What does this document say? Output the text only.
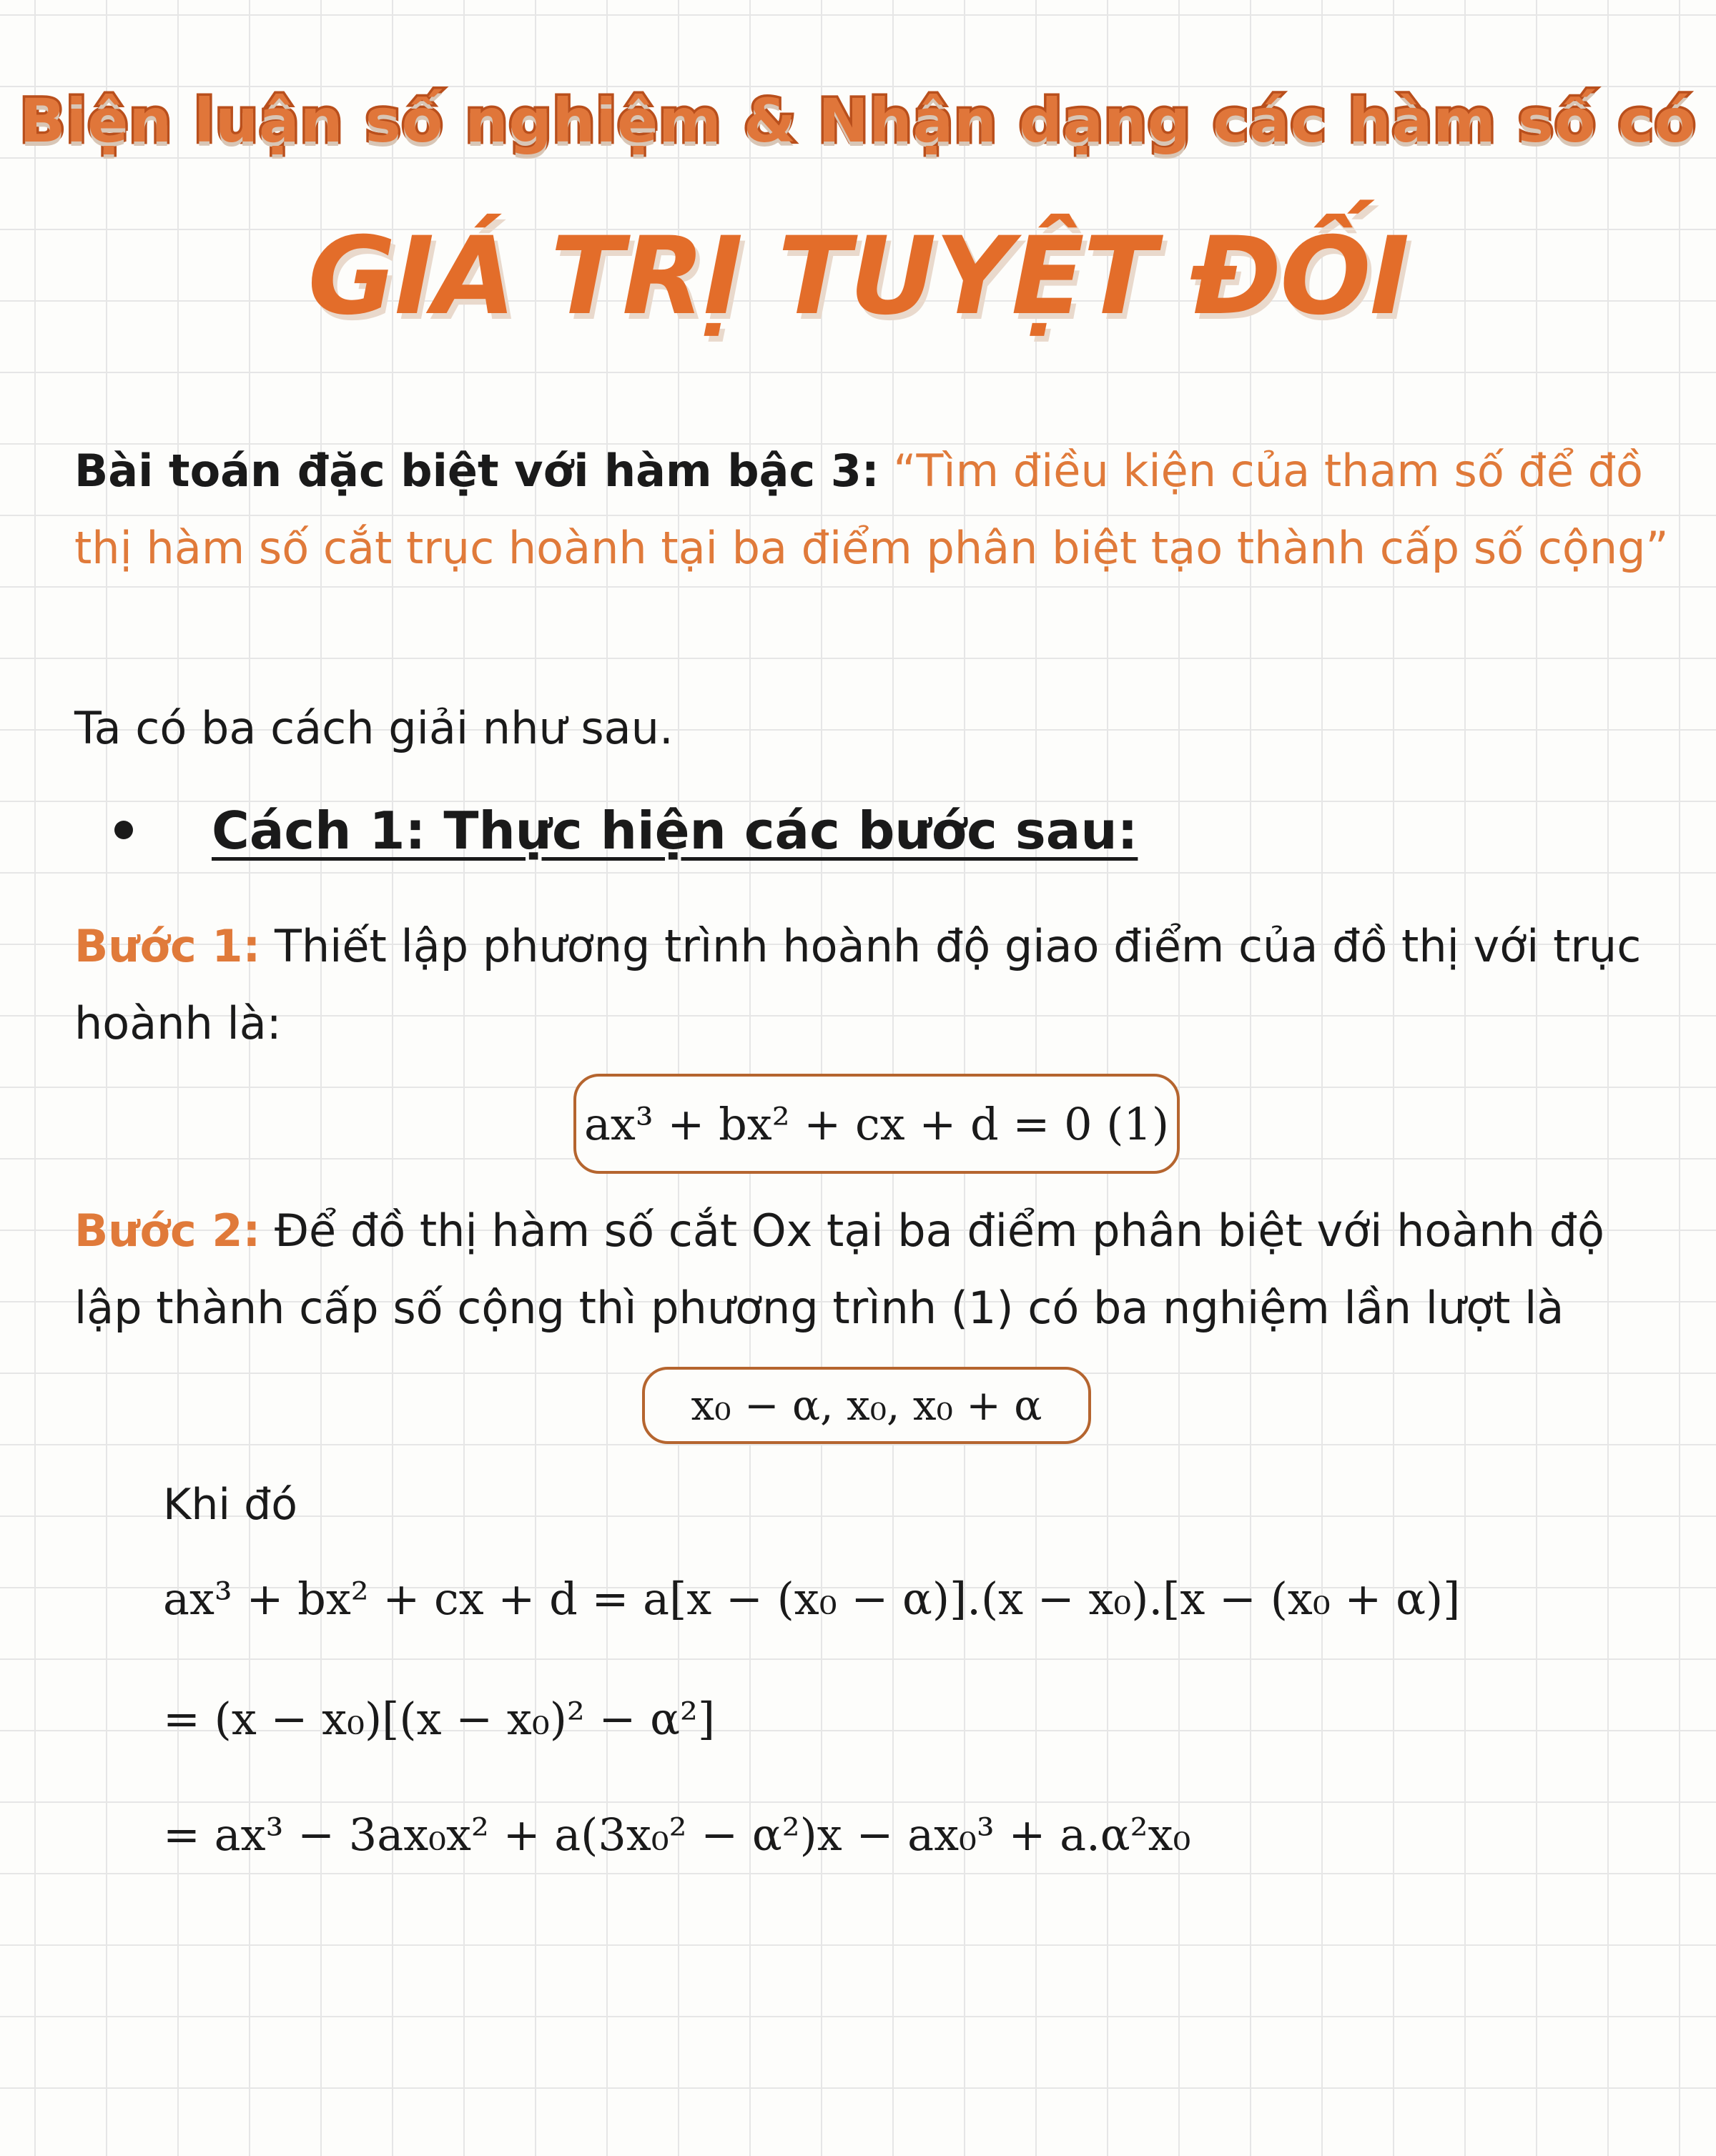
Biện luận số nghiệm & Nhận dạng các hàm số có
GIÁ TRỊ TUYỆT ĐỐI
Bài toán đặc biệt với hàm bậc 3: “Tìm điều kiện của tham số để đồ thị hàm số cắt trục hoành tại ba điểm phân biệt tạo thành cấp số cộng”
Ta có ba cách giải như sau.
Cách 1: Thực hiện các bước sau:
Bước 1: Thiết lập phương trình hoành độ giao điểm của đồ thị với trục hoành là:
ax³ + bx² + cx + d = 0 (1)
Bước 2: Để đồ thị hàm số cắt Ox tại ba điểm phân biệt với hoành độ lập thành cấp số cộng thì phương trình (1) có ba nghiệm lần lượt là
x₀ − α, x₀, x₀ + α
Khi đó
ax³ + bx² + cx + d = a[x − (x₀ − α)].(x − x₀).[x − (x₀ + α)]
= (x − x₀)[(x − x₀)² − α²]
= ax³ − 3ax₀x² + a(3x₀² − α²)x − ax₀³ + a.α²x₀
